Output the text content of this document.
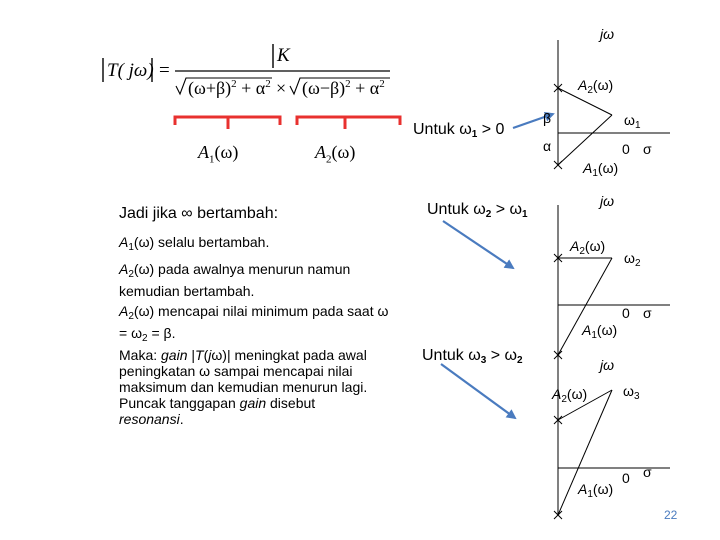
T( jω) =
K
$(\omega+\beta)^2 + \alpha^2 \times (\omega-\beta)^2 + \alpha^2$
$A_1(\omega)$	$A_2(\omega)$
Untuk $\omega_1 > 0$
Untuk $\omega_2 > \omega_1$
Untuk $\omega_3 > \omega_2$
jω
$A_2(\omega)$
β	$\omega_1$
α	0 σ
$A_1(\omega)$
jω
$A_2(\omega)$
$\omega_2$
0 σ
$A_1(\omega)$
jω
$\omega_3$
$A_2(\omega)$
0 σ
$A_1(\omega)$
Jadi jika ∞ bertambah:
$A_1(\omega)$ selalu bertambah.
$A_2(\omega)$ pada awalnya menurun namun kemudian bertambah.
$A_2(\omega)$ mencapai nilai minimum pada saat $\omega = \omega_2 = \beta$.
Maka: gain |T(jω)| meningkat pada awal peningkatan ω sampai mencapai nilai maksimum dan kemudian menurun lagi. Puncak tanggapan gain disebut resonansi.
22
